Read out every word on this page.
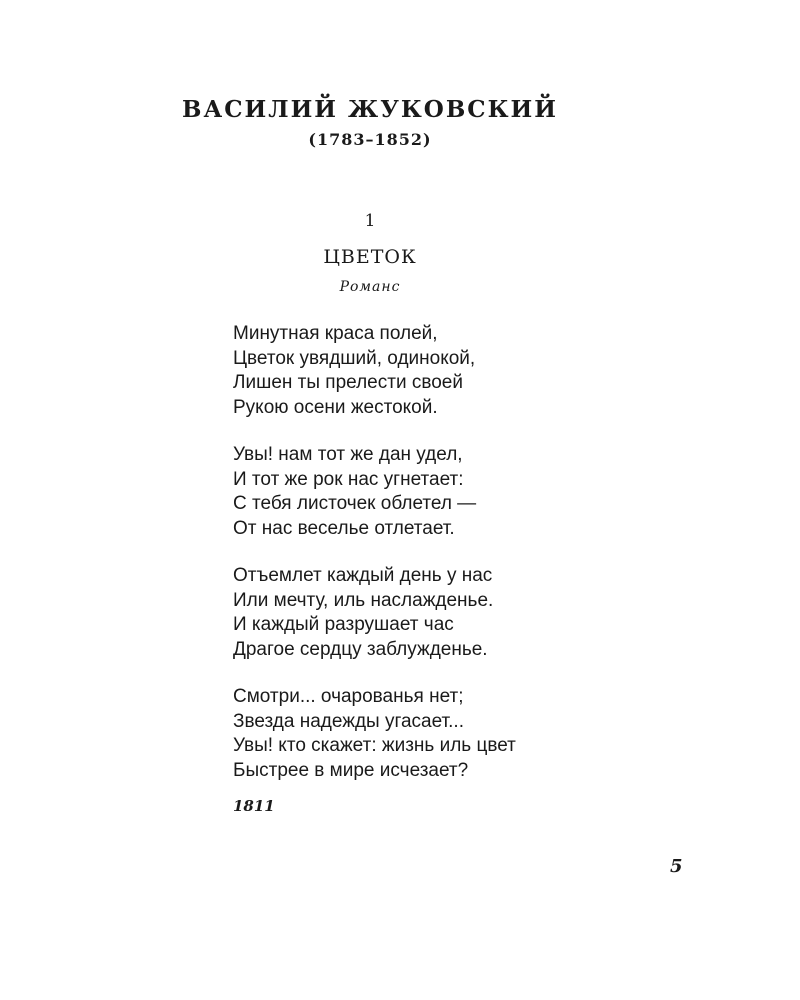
ВАСИЛИЙ ЖУКОВСКИЙ
(1783–1852)
1
ЦВЕТОК
Романс
Минутная краса полей,
Цветок увядший, одинокой,
Лишен ты прелести своей
Рукою осени жестокой.
Увы! нам тот же дан удел,
И тот же рок нас угнетает:
С тебя листочек облетел —
От нас веселье отлетает.
Отъемлет каждый день у нас
Или мечту, иль наслажденье.
И каждый разрушает час
Драгое сердцу заблужденье.
Смотри... очарованья нет;
Звезда надежды угасает...
Увы! кто скажет: жизнь иль цвет
Быстрее в мире исчезает?
1811
5
